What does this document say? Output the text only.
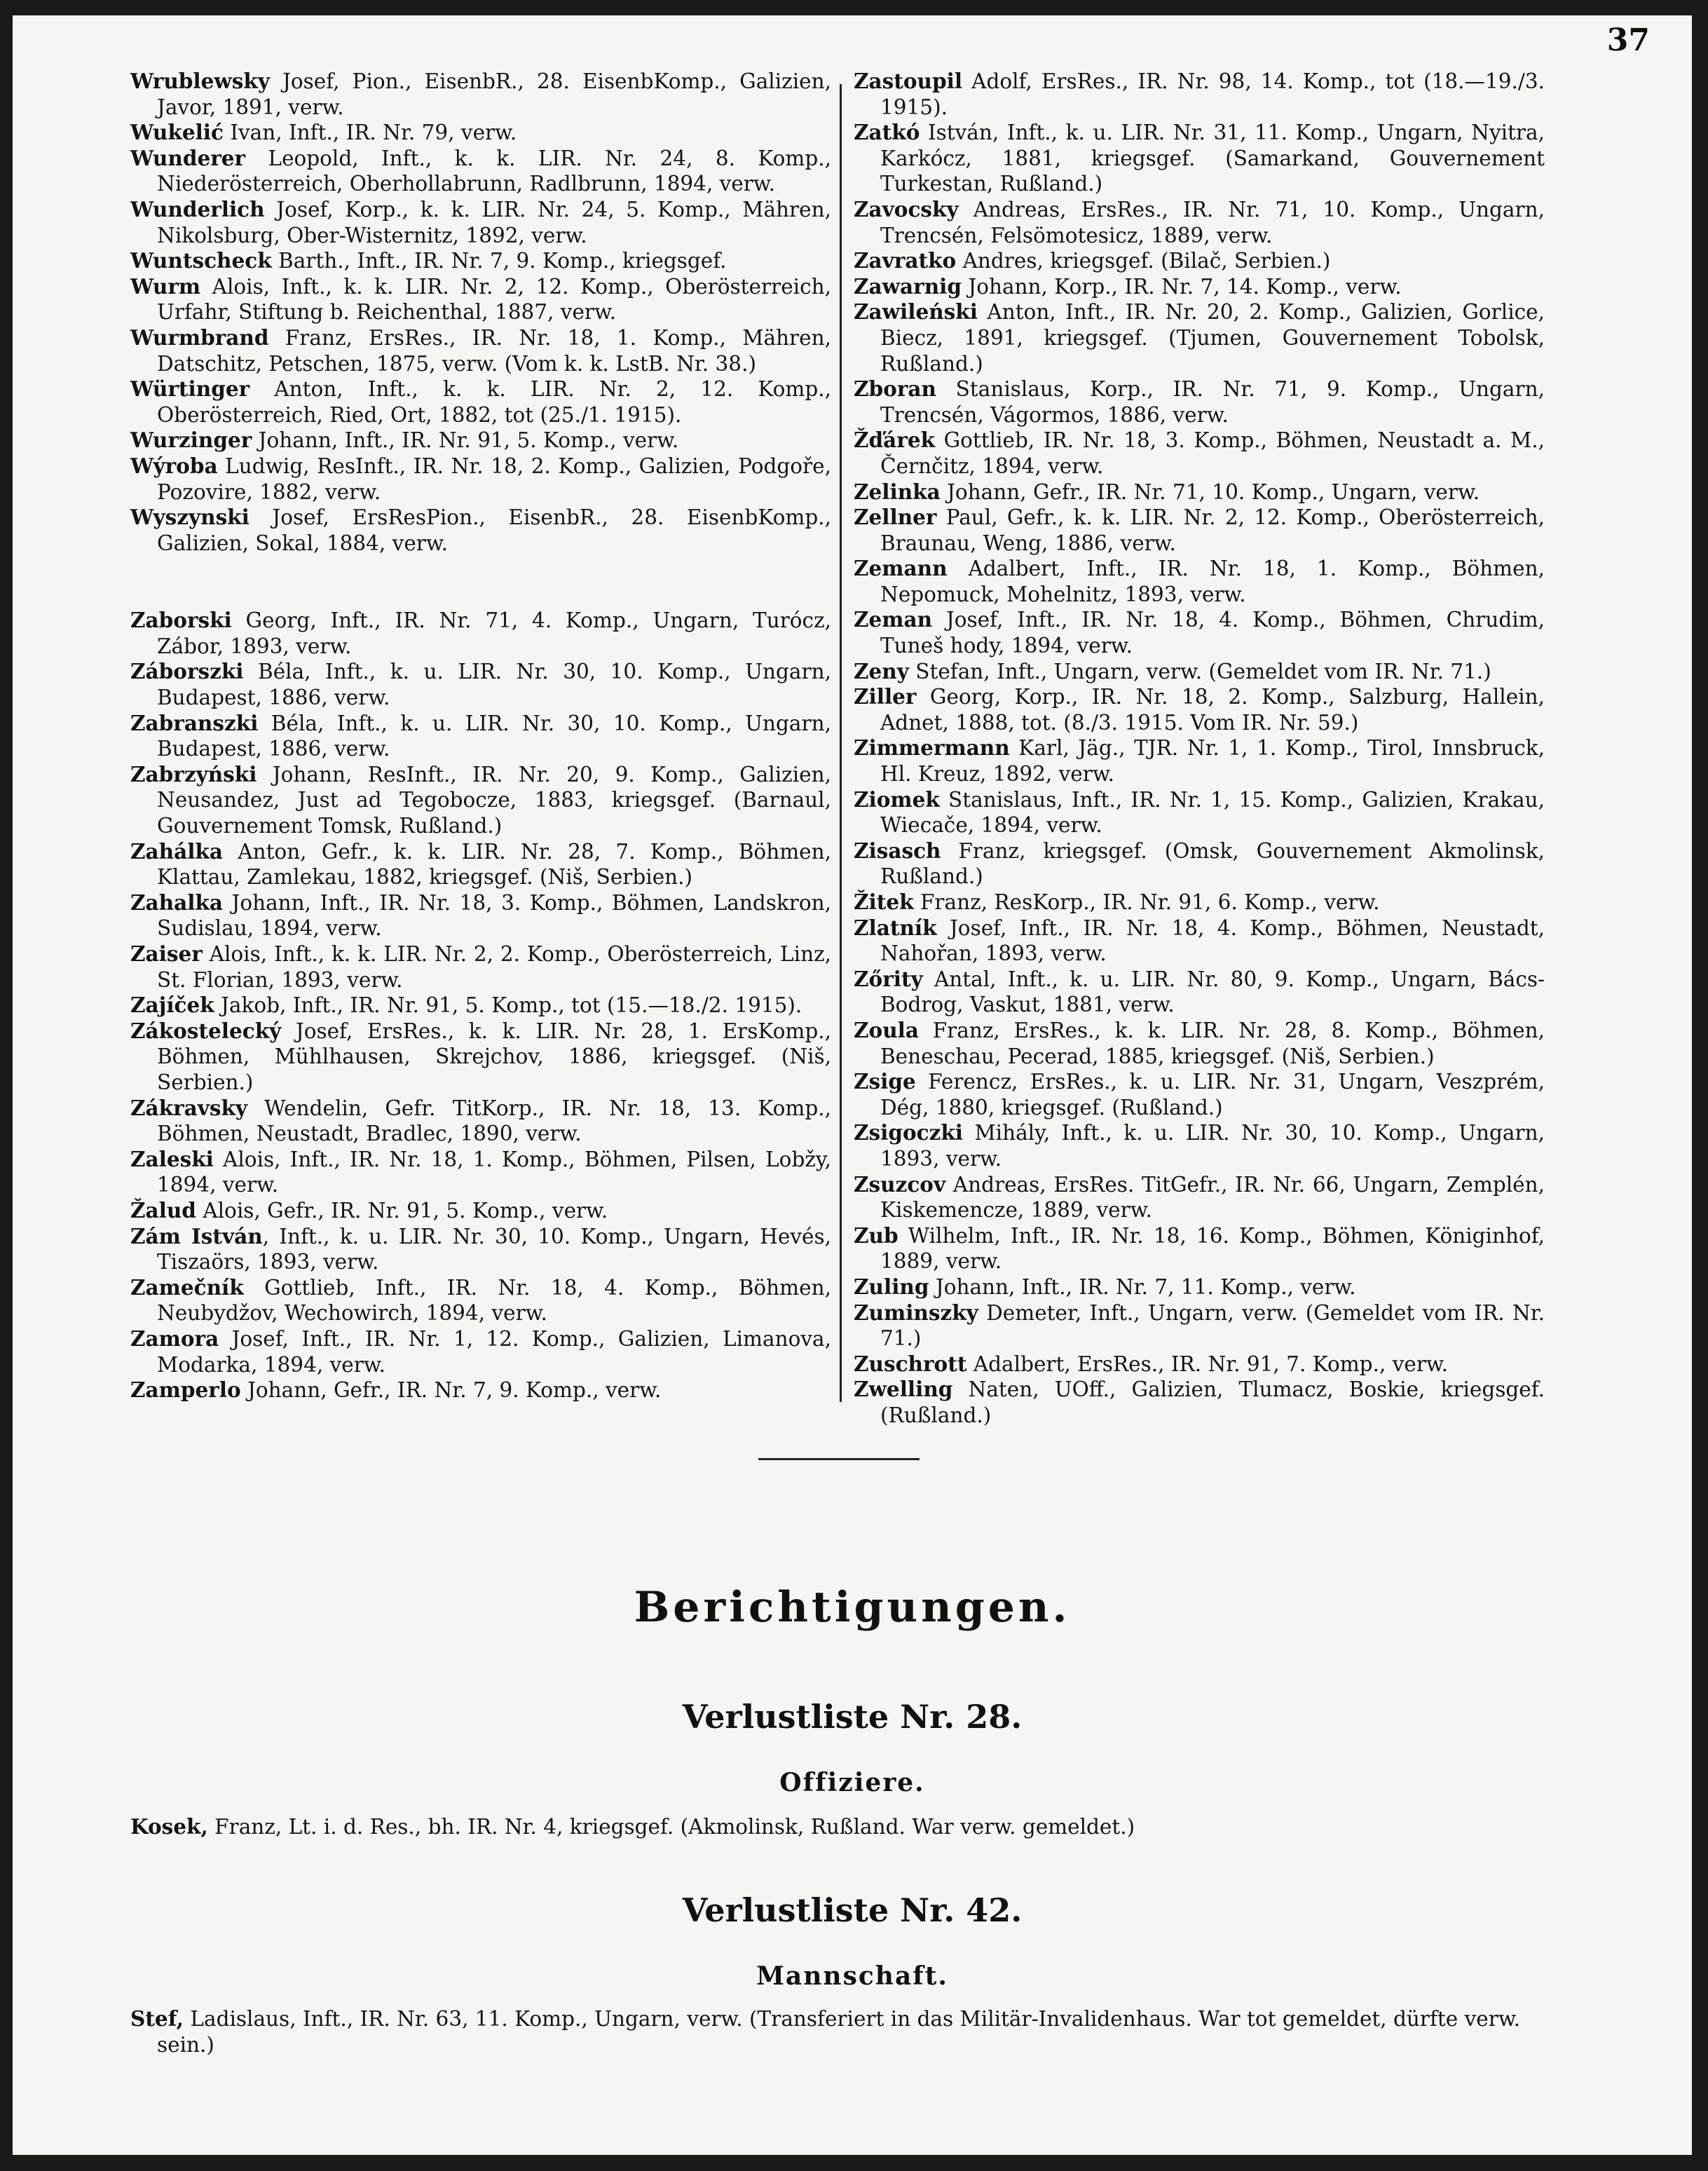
37
Wrublewsky Josef, Pion., EisenbR., 28. EisenbKomp., Galizien, Javor, 1891, verw.
Wukelić Ivan, Inft., IR. Nr. 79, verw.
Wunderer Leopold, Inft., k. k. LIR. Nr. 24, 8. Komp., Niederösterreich, Oberhollabrunn, Radlbrunn, 1894, verw.
Wunderlich Josef, Korp., k. k. LIR. Nr. 24, 5. Komp., Mähren, Nikolsburg, Ober-Wisternitz, 1892, verw.
Wuntscheck Barth., Inft., IR. Nr. 7, 9. Komp., kriegsgef.
Wurm Alois, Inft., k. k. LIR. Nr. 2, 12. Komp., Oberösterreich, Urfahr, Stiftung b. Reichenthal, 1887, verw.
Wurmbrand Franz, ErsRes., IR. Nr. 18, 1. Komp., Mähren, Datschitz, Petschen, 1875, verw. (Vom k. k. LstB. Nr. 38.)
Würtinger Anton, Inft., k. k. LIR. Nr. 2, 12. Komp., Oberösterreich, Ried, Ort, 1882, tot (25./1. 1915).
Wurzinger Johann, Inft., IR. Nr. 91, 5. Komp., verw.
Wýroba Ludwig, ResInft., IR. Nr. 18, 2. Komp., Galizien, Podgoře, Pozovire, 1882, verw.
Wyszynski Josef, ErsResPion., EisenbR., 28. EisenbKomp., Galizien, Sokal, 1884, verw.
Zaborski Georg, Inft., IR. Nr. 71, 4. Komp., Ungarn, Turócz, Zábor, 1893, verw.
Záborszki Béla, Inft., k. u. LIR. Nr. 30, 10. Komp., Ungarn, Budapest, 1886, verw.
Zabranszki Béla, Inft., k. u. LIR. Nr. 30, 10. Komp., Ungarn, Budapest, 1886, verw.
Zabrzyński Johann, ResInft., IR. Nr. 20, 9. Komp., Galizien, Neusandez, Just ad Tegobocze, 1883, kriegsgef. (Barnaul, Gouvernement Tomsk, Rußland.)
Zahálka Anton, Gefr., k. k. LIR. Nr. 28, 7. Komp., Böhmen, Klattau, Zamlekau, 1882, kriegsgef. (Niš, Serbien.)
Zahalka Johann, Inft., IR. Nr. 18, 3. Komp., Böhmen, Landskron, Sudislau, 1894, verw.
Zaiser Alois, Inft., k. k. LIR. Nr. 2, 2. Komp., Oberösterreich, Linz, St. Florian, 1893, verw.
Zajíček Jakob, Inft., IR. Nr. 91, 5. Komp., tot (15.—18./2. 1915).
Zákostelecký Josef, ErsRes., k. k. LIR. Nr. 28, 1. ErsKomp., Böhmen, Mühlhausen, Skrejchov, 1886, kriegsgef. (Niš, Serbien.)
Zákravsky Wendelin, Gefr. TitKorp., IR. Nr. 18, 13. Komp., Böhmen, Neustadt, Bradlec, 1890, verw.
Zaleski Alois, Inft., IR. Nr. 18, 1. Komp., Böhmen, Pilsen, Lobžy, 1894, verw.
Žalud Alois, Gefr., IR. Nr. 91, 5. Komp., verw.
Zám István, Inft., k. u. LIR. Nr. 30, 10. Komp., Ungarn, Hevés, Tiszaörs, 1893, verw.
Zamečník Gottlieb, Inft., IR. Nr. 18, 4. Komp., Böhmen, Neubydžov, Wechowirch, 1894, verw.
Zamora Josef, Inft., IR. Nr. 1, 12. Komp., Galizien, Limanova, Modarka, 1894, verw.
Zamperlo Johann, Gefr., IR. Nr. 7, 9. Komp., verw.
Zastoupil Adolf, ErsRes., IR. Nr. 98, 14. Komp., tot (18.—19./3. 1915).
Zatkó István, Inft., k. u. LIR. Nr. 31, 11. Komp., Ungarn, Nyitra, Karkócz, 1881, kriegsgef. (Samarkand, Gouvernement Turkestan, Rußland.)
Zavocsky Andreas, ErsRes., IR. Nr. 71, 10. Komp., Ungarn, Trencsén, Felsömotesicz, 1889, verw.
Zavratko Andres, kriegsgef. (Bilač, Serbien.)
Zawarnig Johann, Korp., IR. Nr. 7, 14. Komp., verw.
Zawileński Anton, Inft., IR. Nr. 20, 2. Komp., Galizien, Gorlice, Biecz, 1891, kriegsgef. (Tjumen, Gouvernement Tobolsk, Rußland.)
Zboran Stanislaus, Korp., IR. Nr. 71, 9. Komp., Ungarn, Trencsén, Vágormos, 1886, verw.
Žďárek Gottlieb, IR. Nr. 18, 3. Komp., Böhmen, Neustadt a. M., Černčitz, 1894, verw.
Zelinka Johann, Gefr., IR. Nr. 71, 10. Komp., Ungarn, verw.
Zellner Paul, Gefr., k. k. LIR. Nr. 2, 12. Komp., Oberösterreich, Braunau, Weng, 1886, verw.
Zemann Adalbert, Inft., IR. Nr. 18, 1. Komp., Böhmen, Nepomuck, Mohelnitz, 1893, verw.
Zeman Josef, Inft., IR. Nr. 18, 4. Komp., Böhmen, Chrudim, Tuneš hody, 1894, verw.
Zeny Stefan, Inft., Ungarn, verw. (Gemeldet vom IR. Nr. 71.)
Ziller Georg, Korp., IR. Nr. 18, 2. Komp., Salzburg, Hallein, Adnet, 1888, tot. (8./3. 1915. Vom IR. Nr. 59.)
Zimmermann Karl, Jäg., TJR. Nr. 1, 1. Komp., Tirol, Innsbruck, Hl. Kreuz, 1892, verw.
Ziomek Stanislaus, Inft., IR. Nr. 1, 15. Komp., Galizien, Krakau, Wiecače, 1894, verw.
Zisasch Franz, kriegsgef. (Omsk, Gouvernement Akmolinsk, Rußland.)
Žitek Franz, ResKorp., IR. Nr. 91, 6. Komp., verw.
Zlatník Josef, Inft., IR. Nr. 18, 4. Komp., Böhmen, Neustadt, Nahořan, 1893, verw.
Zőrity Antal, Inft., k. u. LIR. Nr. 80, 9. Komp., Ungarn, Bács-Bodrog, Vaskut, 1881, verw.
Zoula Franz, ErsRes., k. k. LIR. Nr. 28, 8. Komp., Böhmen, Beneschau, Pecerad, 1885, kriegsgef. (Niš, Serbien.)
Zsige Ferencz, ErsRes., k. u. LIR. Nr. 31, Ungarn, Veszprém, Dég, 1880, kriegsgef. (Rußland.)
Zsigoczki Mihály, Inft., k. u. LIR. Nr. 30, 10. Komp., Ungarn, 1893, verw.
Zsuzcov Andreas, ErsRes. TitGefr., IR. Nr. 66, Ungarn, Zemplén, Kiskemencze, 1889, verw.
Zub Wilhelm, Inft., IR. Nr. 18, 16. Komp., Böhmen, Königinhof, 1889, verw.
Zuling Johann, Inft., IR. Nr. 7, 11. Komp., verw.
Zuminszky Demeter, Inft., Ungarn, verw. (Gemeldet vom IR. Nr. 71.)
Zuschrott Adalbert, ErsRes., IR. Nr. 91, 7. Komp., verw.
Zwelling Naten, UOff., Galizien, Tlumacz, Boskie, kriegsgef. (Rußland.)
Berichtigungen.
Verlustliste Nr. 28.
Offiziere.
Kosek, Franz, Lt. i. d. Res., bh. IR. Nr. 4, kriegsgef. (Akmolinsk, Rußland. War verw. gemeldet.)
Verlustliste Nr. 42.
Mannschaft.
Stef, Ladislaus, Inft., IR. Nr. 63, 11. Komp., Ungarn, verw. (Transferiert in das Militär-Invalidenhaus. War tot gemeldet, dürfte verw. sein.)
